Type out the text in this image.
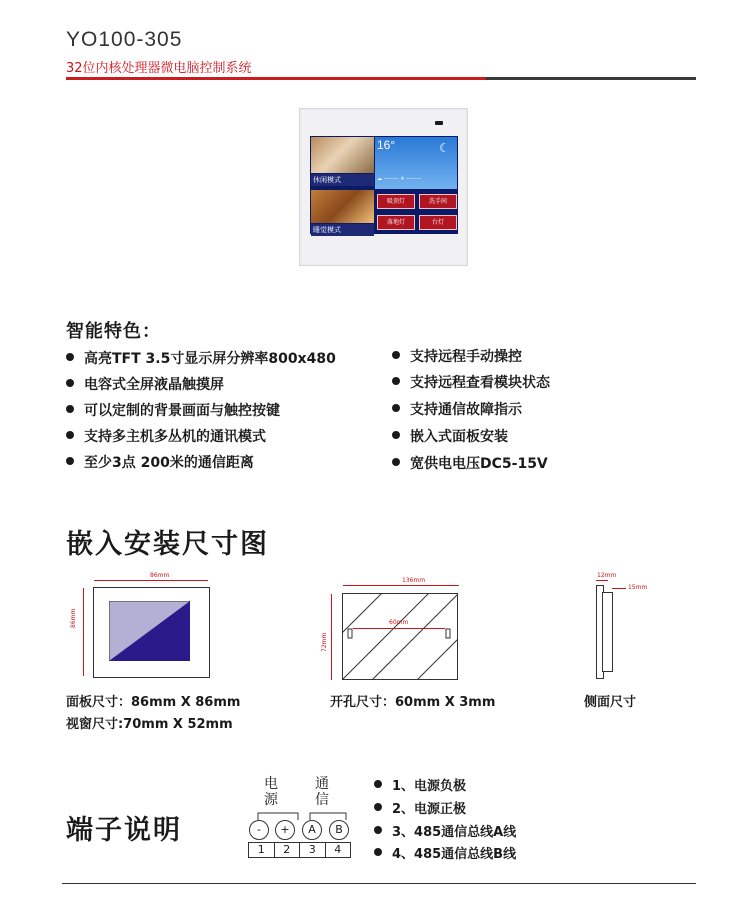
YO100-305
32位内核处理器微电脑控制系统
休闲模式
睡觉模式
16°	☾
☁ ——— ☀ ———
吸顶灯	洗手间
落地灯	台灯
智能特色：
高亮TFT 3.5寸显示屏分辨率800x480
电容式全屏液晶触摸屏
可以定制的背景画面与触控按键
支持多主机多丛机的通讯模式
至少3点 200米的通信距离
支持远程手动操控
支持远程查看模块状态
支持通信故障指示
嵌入式面板安装
宽供电电压DC5-15V
嵌入安装尺寸图
86mm
86mm
136mm
72mm
60mm
12mm
15mm
面板尺寸：86mm X 86mm
视窗尺寸:70mm X 52mm
开孔尺寸：60mm X 3mm	侧面尺寸
端子说明
电
源
通
信
-	+	A	B
1	2	3	4
1、电源负极
2、电源正极
3、485通信总线A线
4、485通信总线B线
